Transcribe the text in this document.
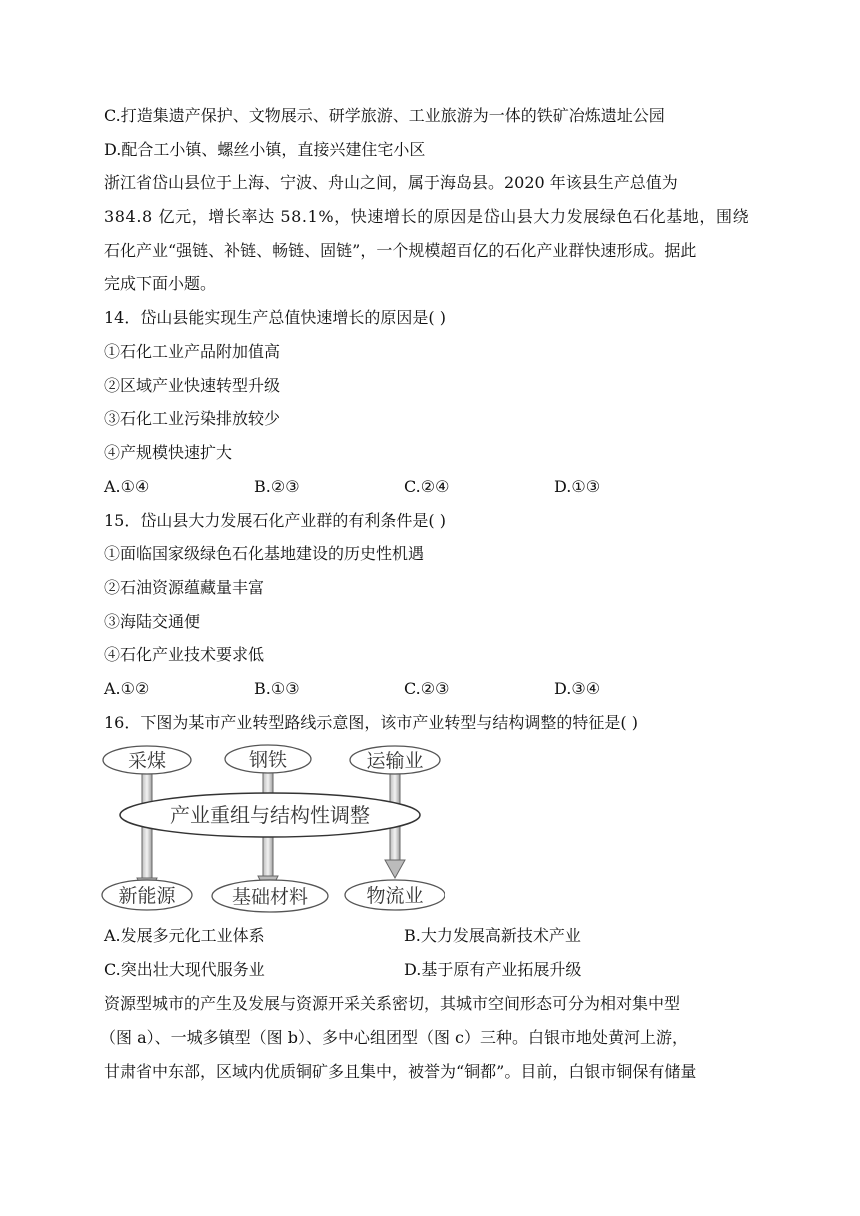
C.打造集遗产保护、文物展示、研学旅游、工业旅游为一体的铁矿冶炼遗址公园
D.配合工小镇、螺丝小镇，直接兴建住宅小区
浙江省岱山县位于上海、宁波、舟山之间，属于海岛县。2020 年该县生产总值为
384.8 亿元，增长率达 58.1%，快速增长的原因是岱山县大力发展绿色石化基地，围绕
石化产业“强链、补链、畅链、固链”，一个规模超百亿的石化产业群快速形成。据此
完成下面小题。
14．岱山县能实现生产总值快速增长的原因是( )
①石化工业产品附加值高
②区域产业快速转型升级
③石化工业污染排放较少
④产规模快速扩大
A.①④	B.②③	C.②④	D.①③
15．岱山县大力发展石化产业群的有利条件是( )
①面临国家级绿色石化基地建设的历史性机遇
②石油资源蕴藏量丰富
③海陆交通便
④石化产业技术要求低
A.①②	B.①③	C.②③	D.③④
16．下图为某市产业转型路线示意图，该市产业转型与结构调整的特征是( )
采煤	钢铁	运输业
产业重组与结构性调整
新能源	基础材料	物流业
A.发展多元化工业体系	B.大力发展高新技术产业
C.突出壮大现代服务业	D.基于原有产业拓展升级
资源型城市的产生及发展与资源开采关系密切，其城市空间形态可分为相对集中型
（图 a）、一城多镇型（图 b）、多中心组团型（图 c）三种。白银市地处黄河上游，
甘肃省中东部，区域内优质铜矿多且集中，被誉为“铜都”。目前，白银市铜保有储量
